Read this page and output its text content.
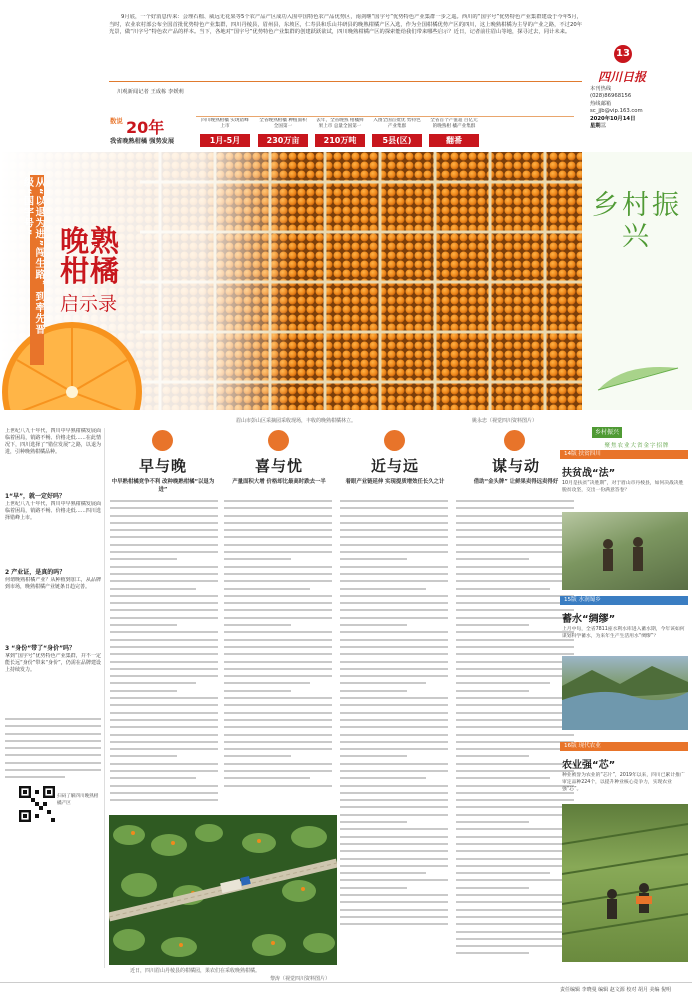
9月底，一个好消息传来：会理石榴、威远无花果等5个农产品产区成功入围中国特色农产品优势区，南剑继“国宇号”优势特色产业集群一步之遥。西川的“国宇号”优势特色产业集群建设于今年5月，当时，农业农村部公布全国首批优势特色产业集群，四川丹棱县，眉州县，东坡区，仁寿县和乐山井研县的晚熟柑橘产区入选，作为全国柑橘优势产区的四川，这上晚熟柑橘为主导的产业之路，不过20年光景，做“川字号”特色农产品的样本。当下，各地对“国宇号”优势特色产业集群的创建跃跃欲试，四川晚熟柑橘产区的探索能给我们带来哪些启示？近日，记者前往眉山等地，探寻过去，同计未来。
川观新闻记者 王成栋 李媛莉
13
四川日报
本刊热线
(028)86968156
热线邮箱
sc_jjb@vip.163.com
2020年10月14日
星期三
数说 20年
我省晚熟柑橘 强势发展
四川晚熟柑橘 实现错峰上市
1月-5月
全省晚熟柑橘 种植面积全国第一
230万亩
去年，全省晚熟 柑橘鲜果上市 总量全国第一
210万吨
入围全国首批优 势特色产业集群
5县(区)
全省首个产值超 百亿元的晚熟柑 橘产业集群
翻番
从“以退为进”闯生路，到率先晋级“国字号”
晚熟柑橘
启示录
眉山市彭山区采摘园采收现场，丰收的晚熟柑橘林立。	姚永忠（视觉四川资料图片）
乡村振兴
聚焦农业大省金字招牌
上世纪八九十年代，四川中早熟柑橘发展面临着困局，销路不畅、价格走低……在此情况下，四川选择了“错位发展”之路，以退为进，引种晚熟柑橘品种。
1“早”，就一定好吗？
上世纪八九十年代，四川中早熟柑橘发展面临着困局，销路不畅、价格走低……四川选择错峰上市。
2 产业证，是真的吗？
何谓晚熟柑橘产业？从种植到加工，从品牌到市场，晚熟柑橘产业链条日趋完善。
3 “身份”带了“身价”吗？
拿到“国宇号”优势特色产业集群，并不一定能长远“身份”带来“身价”，仍需在品牌建设上持续发力。
扫码了解四川晚熟柑橘产区
早与晚
中早熟柑橘竞争不利 改种晚熟柑橘“以退为进”
喜与忧
产量面积大增 价格却比最高时跌去一半
近与远
着眼产业链延伸 实现提质增效任长久之计
谋与动
借助“金头牌” 让鲜果卖得远卖得好
近日，四川眉山丹棱县的柑橘园，果农们在采收晚熟柑橘。
黎涛（视觉四川资料图片）
乡村振兴
14版 扶贫四川
扶贫战“法”
10月是扶贫“决胜期”，对于眉山市丹棱县，如何决战决胜脱贫攻坚，交出一份满意答卷？
15版 水润蜀乡
蓄水“绸缪”
上月中旬，全省7811座水利水库进入蓄水期，今年该如何谋划科学蓄水，为来年生产生活用水“绸缪”？
16版 现代农业
农业强“芯”
种业被誉为农业的“芯片”，2019年以来，四川已累计推广审定品种224个，以提升种业核心竞争力，实现农业强“芯”。
责任编辑 李晓曼 编辑 赵文源 校对 胡月 美编 倪明
